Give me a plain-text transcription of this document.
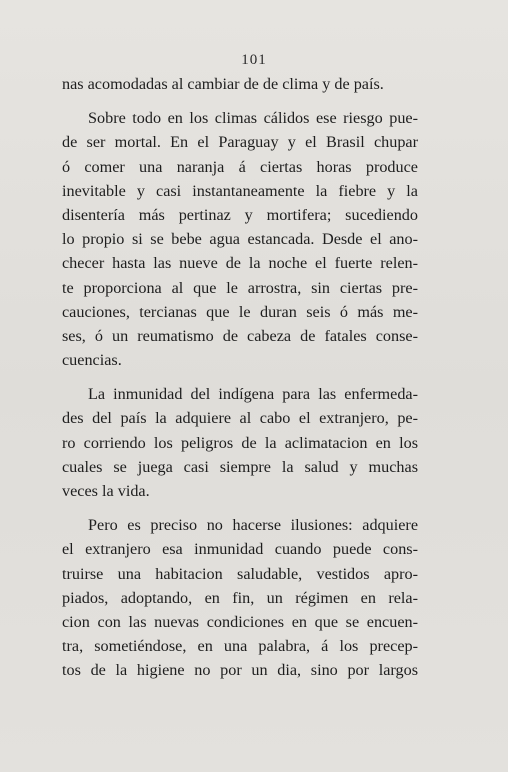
101
nas acomodadas al cambiar de de clima y de país.
Sobre todo en los climas cálidos ese riesgo pue-
de ser mortal. En el Paraguay y el Brasil chupar
ó comer una naranja á ciertas horas produce
inevitable y casi instantaneamente la fiebre y la
disentería más pertinaz y mortifera; sucediendo
lo propio si se bebe agua estancada. Desde el ano-
checer hasta las nueve de la noche el fuerte relen-
te proporciona al que le arrostra, sin ciertas pre-
cauciones, tercianas que le duran seis ó más me-
ses, ó un reumatismo de cabeza de fatales conse-
cuencias.
La inmunidad del indígena para las enfermeda-
des del país la adquiere al cabo el extranjero, pe-
ro corriendo los peligros de la aclimatacion en los
cuales se juega casi siempre la salud y muchas
veces la vida.
Pero es preciso no hacerse ilusiones: adquiere
el extranjero esa inmunidad cuando puede cons-
truirse una habitacion saludable, vestidos apro-
piados, adoptando, en fin, un régimen en rela-
cion con las nuevas condiciones en que se encuen-
tra, sometiéndose, en una palabra, á los precep-
tos de la higiene no por un dia, sino por largos
